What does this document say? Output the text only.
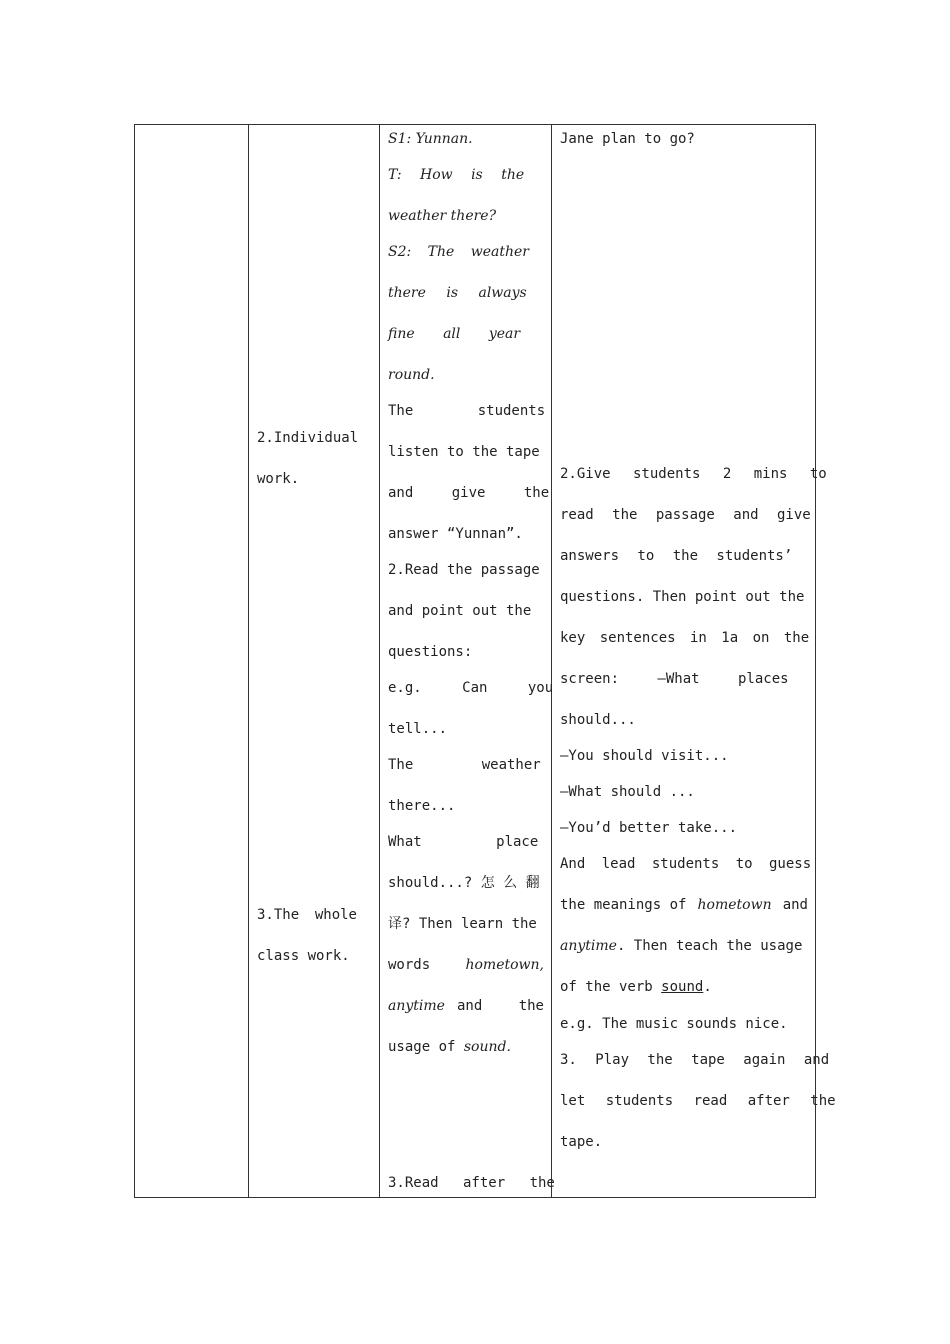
2.Individual
work.
3.The whole
class work.
S1: Yunnan.
T: How is the
weather there?
S2: The weather
there is always
fine all year
round.
The students
listen to the tape
and give the
answer “Yunnan”.
2.Read the passage
and point out the
questions:
e.g. Can you
tell...
The weather
there...
What place
should...? 怎 么 翻
译? Then learn the
words	hometown,
anytime and the
usage of sound.
3.Read after the
Jane plan to go?
2.Give students 2 mins to
read the passage and give
answers to the students’
questions. Then point out the
key sentences in 1a on the
screen: —What places
should...
—You should visit...
—What should ...
—You’d better take...
And lead students to guess
the meanings of hometown and
anytime. Then teach the usage
of the verb sound.
e.g. The music sounds nice.
3. Play the tape again and
let students read after the
tape.
